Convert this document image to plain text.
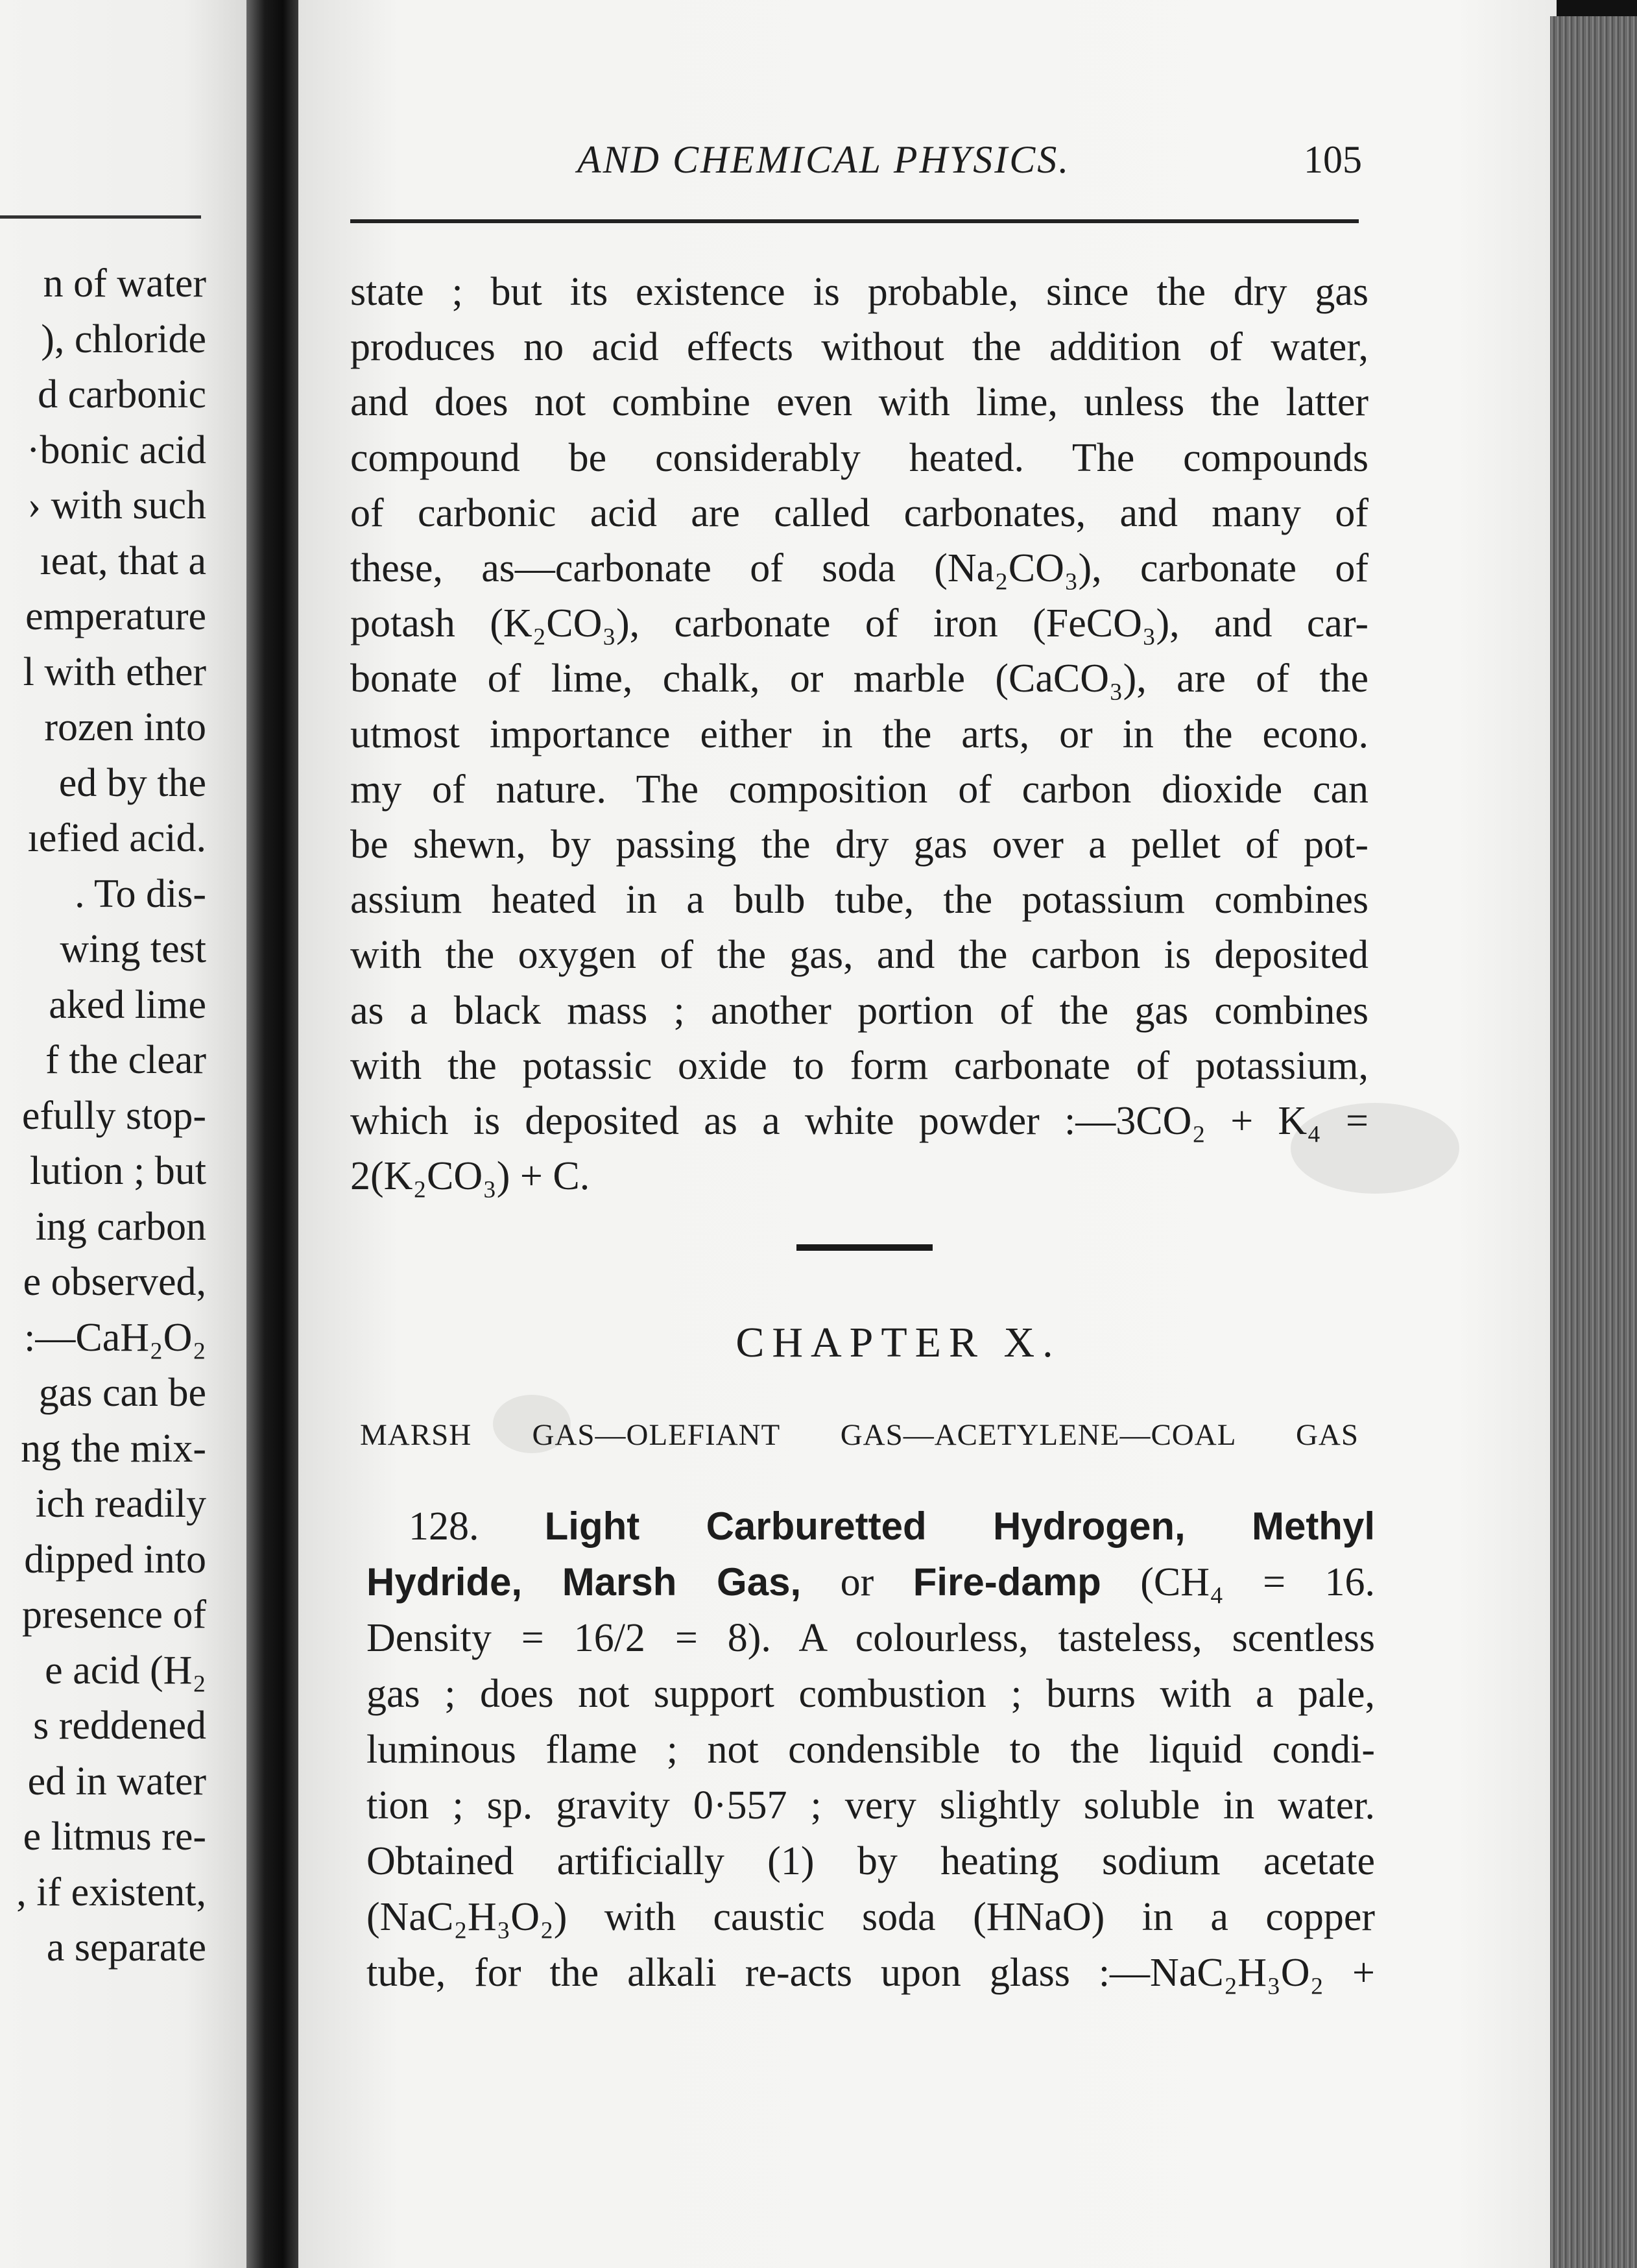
n of water
), chloride
d carbonic
·bonic acid
› with such
ıeat, that a
emperature
l with ether
rozen into
ed by the
ıefied acid.
. To dis-
wing test
aked lime
f the clear
efully stop-
lution ; but
ing carbon
e observed,
:—CaH₂O₂
gas can be
ng the mix-
ich readily
dipped into
presence of
e acid (H₂
s reddened
ed in water
e litmus re-
, if existent,
a separate
AND CHEMICAL PHYSICS.	105
state ; but its existence is probable, since the dry gas
produces no acid effects without the addition of water,
and does not combine even with lime, unless the latter
compound be considerably heated. The compounds
of carbonic acid are called carbonates, and many of
these, as—carbonate of soda (Na₂CO₃), carbonate of
potash (K₂CO₃), carbonate of iron (FeCO₃), and car-
bonate of lime, chalk, or marble (CaCO₃), are of the
utmost importance either in the arts, or in the econo.
my of nature. The composition of carbon dioxide can
be shewn, by passing the dry gas over a pellet of pot-
assium heated in a bulb tube, the potassium combines
with the oxygen of the gas, and the carbon is deposited
as a black mass ; another portion of the gas combines
with the potassic oxide to form carbonate of potassium,
which is deposited as a white powder :—3CO₂ + K₄ =
2(K₂CO₃) + C.
CHAPTER X.
MARSH GAS—OLEFIANT GAS—ACETYLENE—COAL GAS
128. Light Carburetted Hydrogen, Methyl
Hydride, Marsh Gas, or Fire-damp (CH₄ = 16.
Density = 16/2 = 8). A colourless, tasteless, scentless
gas ; does not support combustion ; burns with a pale,
luminous flame ; not condensible to the liquid condi-
tion ; sp. gravity 0·557 ; very slightly soluble in water.
Obtained artificially (1) by heating sodium acetate
(NaC₂H₃O₂) with caustic soda (HNaO) in a copper
tube, for the alkali re-acts upon glass :—NaC₂H₃O₂ +
